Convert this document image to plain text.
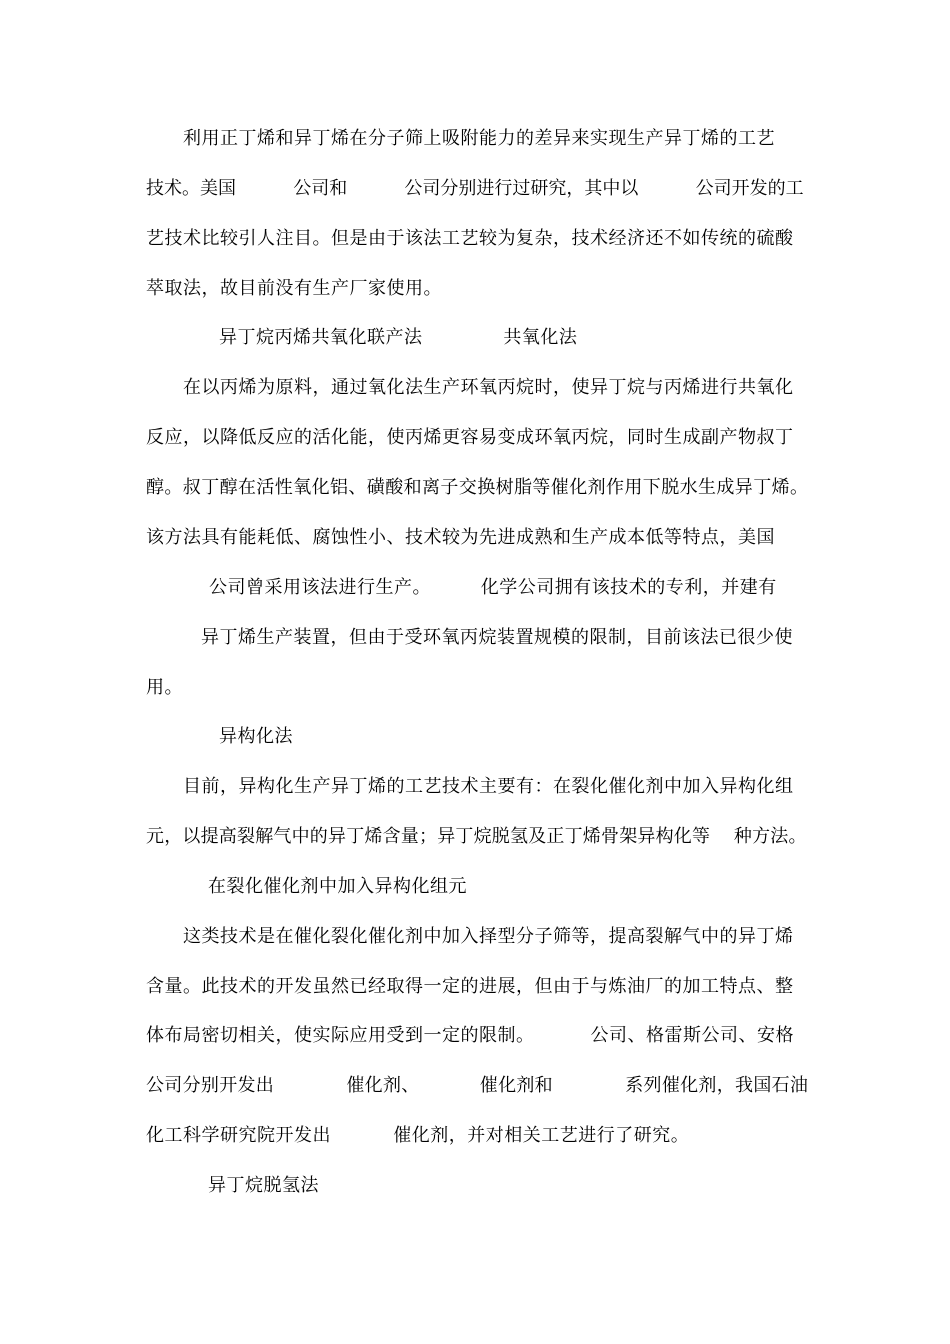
利用正丁烯和异丁烯在分子筛上吸附能力的差异来实现生产异丁烯的工艺
技术。美国          公司和          公司分别进行过研究，其中以          公司开发的工
艺技术比较引人注目。但是由于该法工艺较为复杂，技术经济还不如传统的硫酸
萃取法，故目前没有生产厂家使用。
异丁烷丙烯共氧化联产法             共氧化法
在以丙烯为原料，通过氧化法生产环氧丙烷时，使异丁烷与丙烯进行共氧化
反应，以降低反应的活化能，使丙烯更容易变成环氧丙烷，同时生成副产物叔丁
醇。叔丁醇在活性氧化铝、磺酸和离子交换树脂等催化剂作用下脱水生成异丁烯。
该方法具有能耗低、腐蚀性小、技术较为先进成熟和生产成本低等特点，美国
公司曾采用该法进行生产。        化学公司拥有该技术的专利，并建有
异丁烯生产装置，但由于受环氧丙烷装置规模的限制，目前该法已很少使
用。
异构化法
目前，异构化生产异丁烯的工艺技术主要有：在裂化催化剂中加入异构化组
元，以提高裂解气中的异丁烯含量；异丁烷脱氢及正丁烯骨架异构化等    种方法。
在裂化催化剂中加入异构化组元
这类技术是在催化裂化催化剂中加入择型分子筛等，提高裂解气中的异丁烯
含量。此技术的开发虽然已经取得一定的进展，但由于与炼油厂的加工特点、整
体布局密切相关，使实际应用受到一定的限制。         公司、格雷斯公司、安格
公司分别开发出            催化剂、          催化剂和            系列催化剂，我国石油
化工科学研究院开发出          催化剂，并对相关工艺进行了研究。
异丁烷脱氢法
